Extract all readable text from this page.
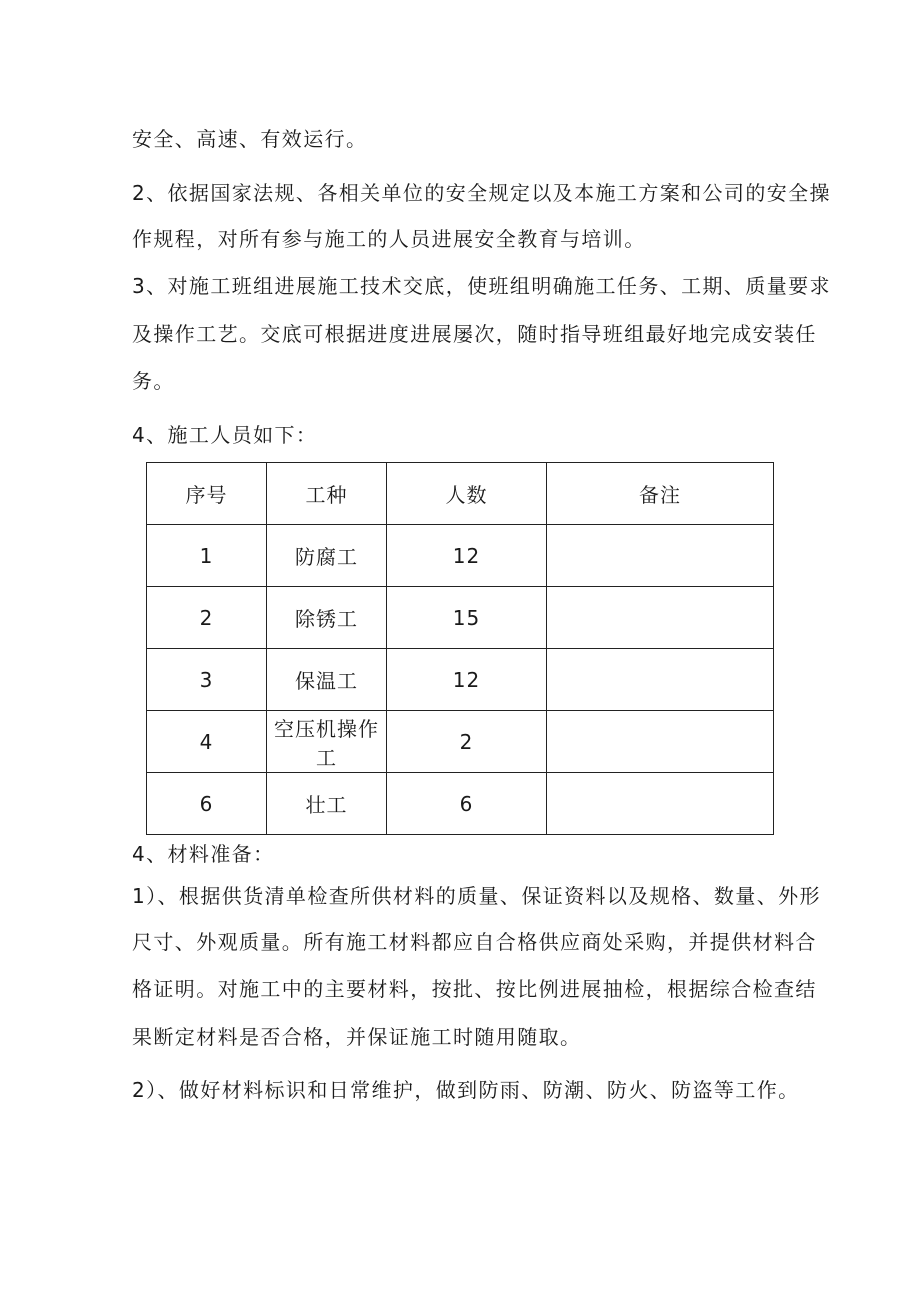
安全、高速、有效运行。
2、依据国家法规、各相关单位的安全规定以及本施工方案和公司的安全操
作规程，对所有参与施工的人员进展安全教育与培训。
3、对施工班组进展施工技术交底，使班组明确施工任务、工期、质量要求
及操作工艺。交底可根据进度进展屡次，随时指导班组最好地完成安装任
务。
4、施工人员如下：
序号	工种	人数	备注
1	防腐工	12	
2	除锈工	15	
3	保温工	12	
4	空压机操作工	2	
6	壮工	6	
4、材料准备：
1）、根据供货清单检查所供材料的质量、保证资料以及规格、数量、外形
尺寸、外观质量。所有施工材料都应自合格供应商处采购，并提供材料合
格证明。对施工中的主要材料，按批、按比例进展抽检，根据综合检查结
果断定材料是否合格，并保证施工时随用随取。
2）、做好材料标识和日常维护，做到防雨、防潮、防火、防盗等工作。
